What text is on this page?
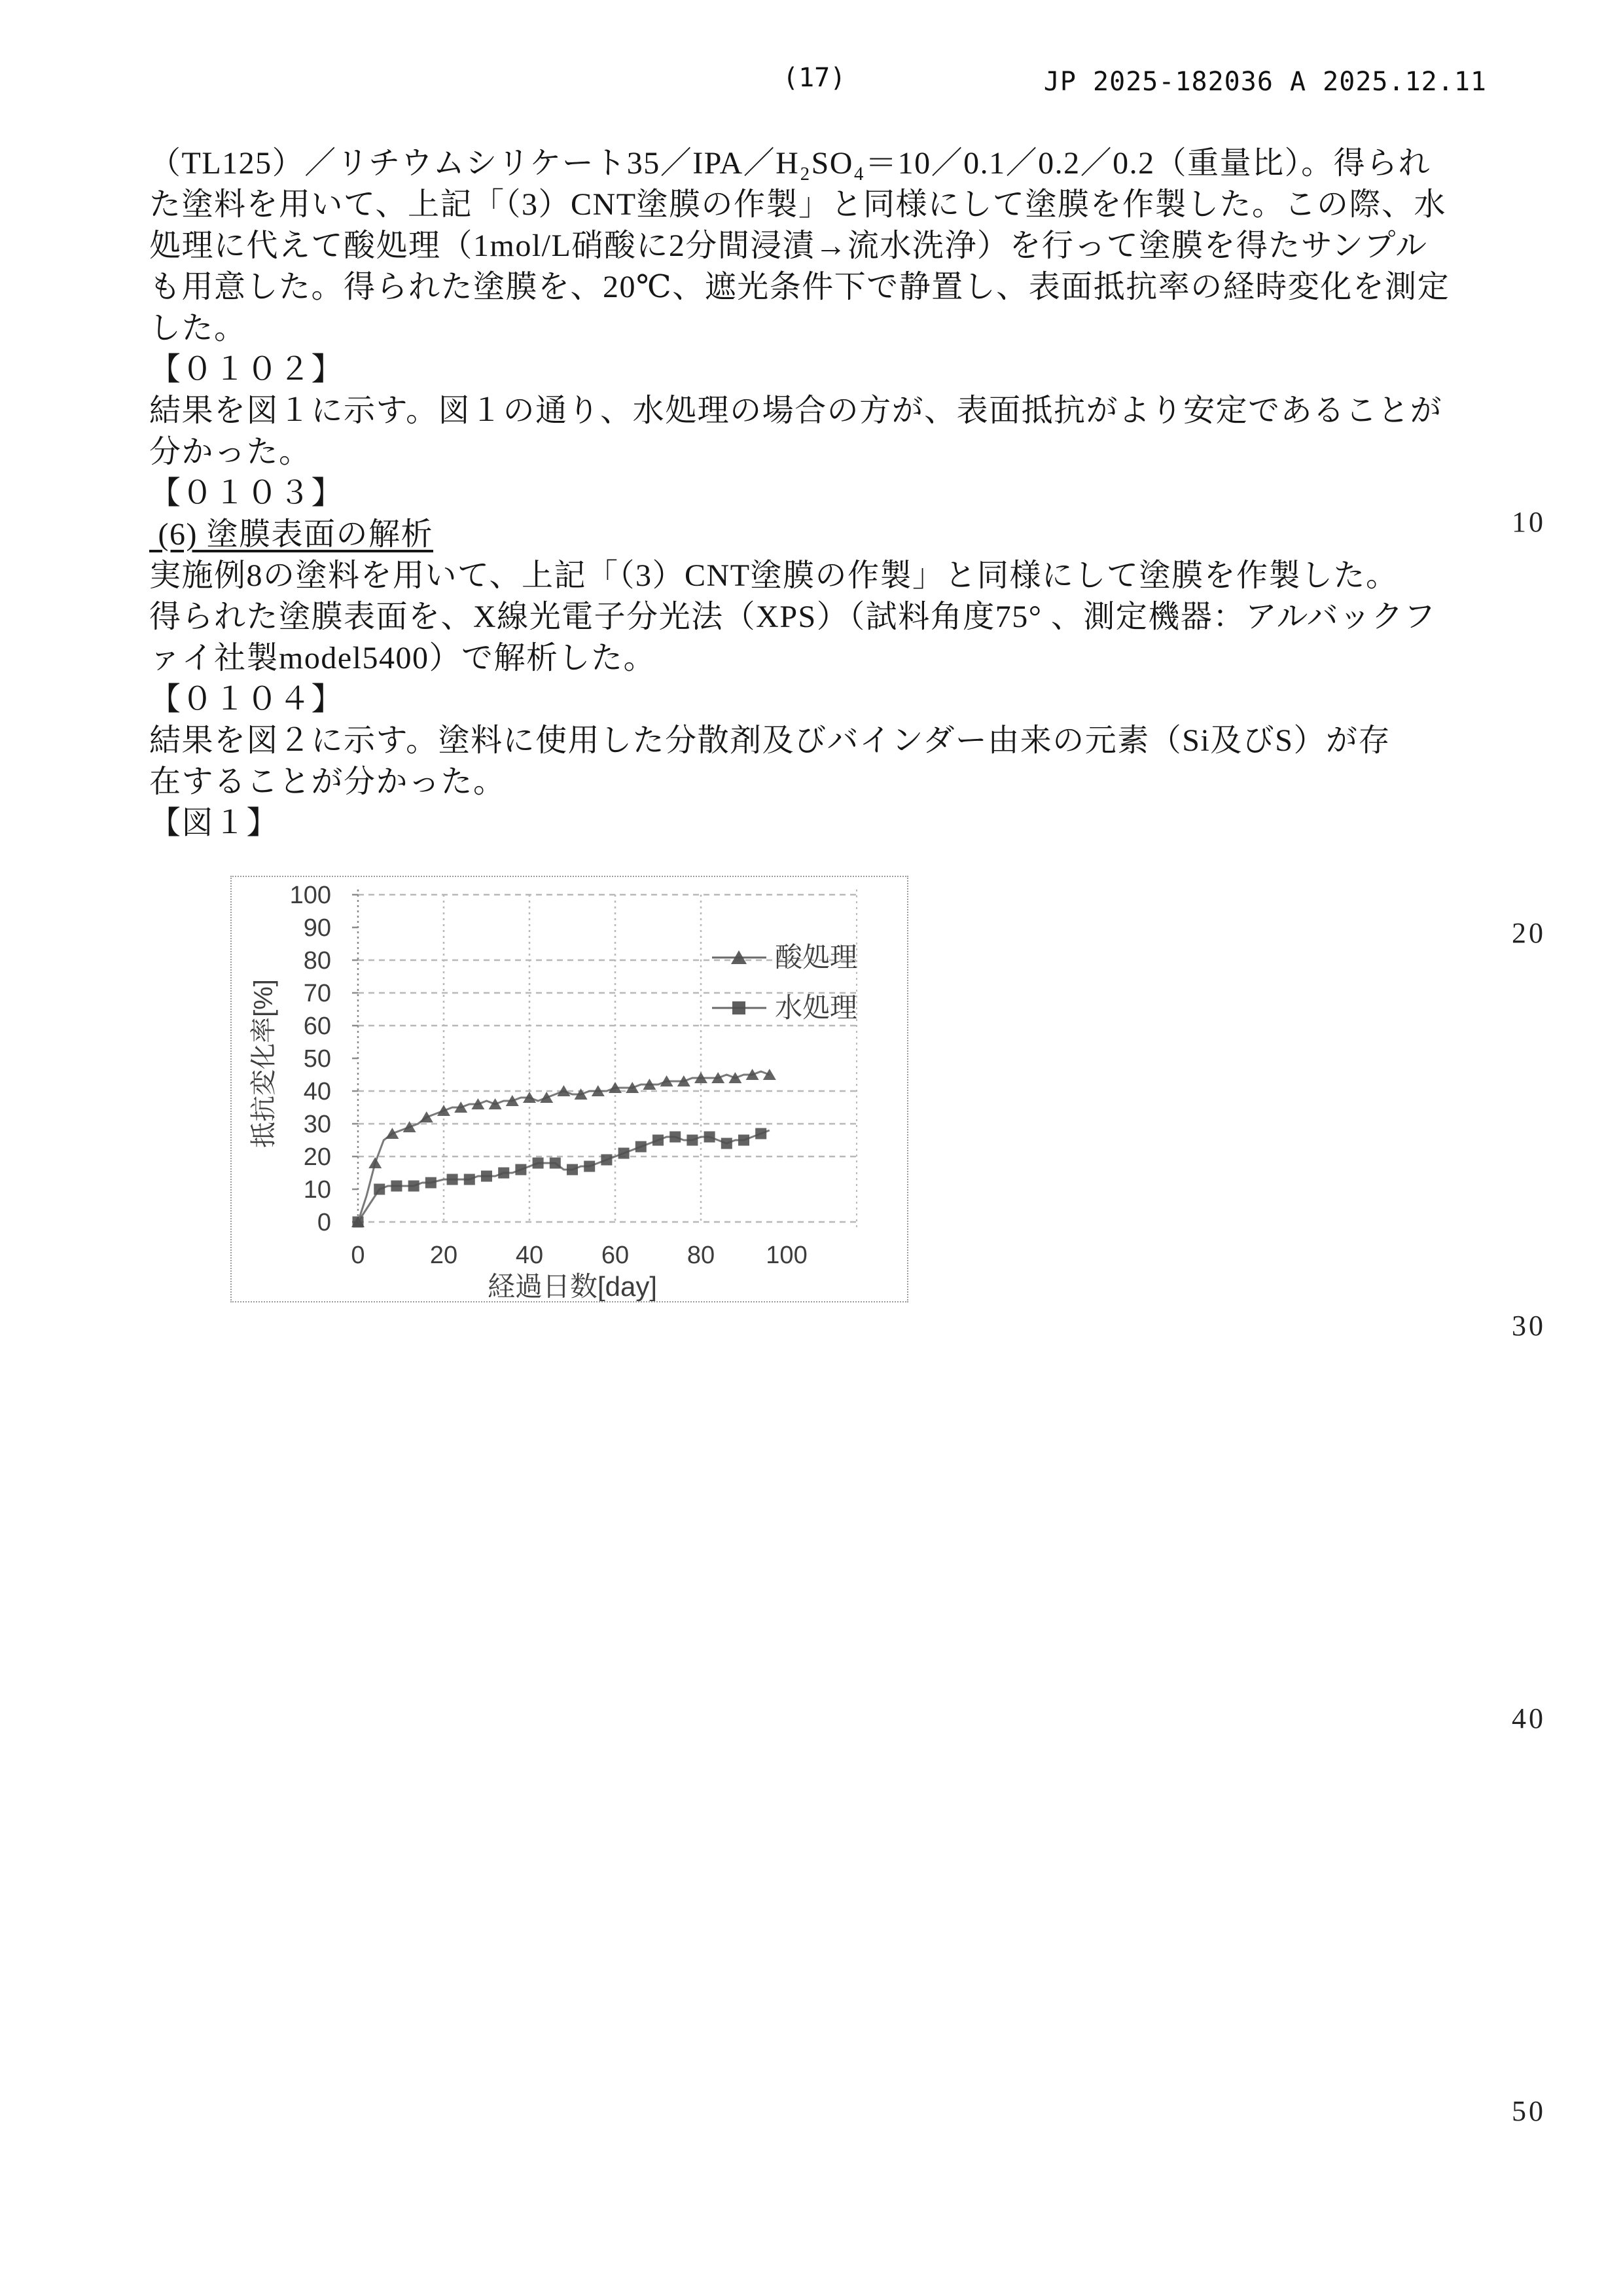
(17)	JP 2025-182036 A 2025.12.11
（TL125）／リチウムシリケート35／IPA／H₂SO₄＝10／0.1／0.2／0.2（重量比）。得られ
た塗料を用いて、上記「（3）CNT塗膜の作製」と同様にして塗膜を作製した。この際、水
処理に代えて酸処理（1mol/L硝酸に2分間浸漬→流水洗浄）を行って塗膜を得たサンプル
も用意した。得られた塗膜を、20℃、遮光条件下で静置し、表面抵抗率の経時変化を測定
した。
【０１０２】
結果を図１に示す。図１の通り、水処理の場合の方が、表面抵抗がより安定であることが
分かった。
【０１０３】
(6) 塗膜表面の解析
実施例8の塗料を用いて、上記「（3）CNT塗膜の作製」と同様にして塗膜を作製した。
得られた塗膜表面を、X線光電子分光法（XPS）（試料角度75° 、測定機器：アルバックフ
ァイ社製model5400）で解析した。
【０１０４】
結果を図２に示す。塗料に使用した分散剤及びバインダー由来の元素（Si及びS）が存
在することが分かった。
【図１】
100
90
80
70
60
50
40
30
20
10
0
0	20 40 60 80 100
経過日数[day]
抵抗変化率[%]
酸処理
水処理
10
20
30
40
50
